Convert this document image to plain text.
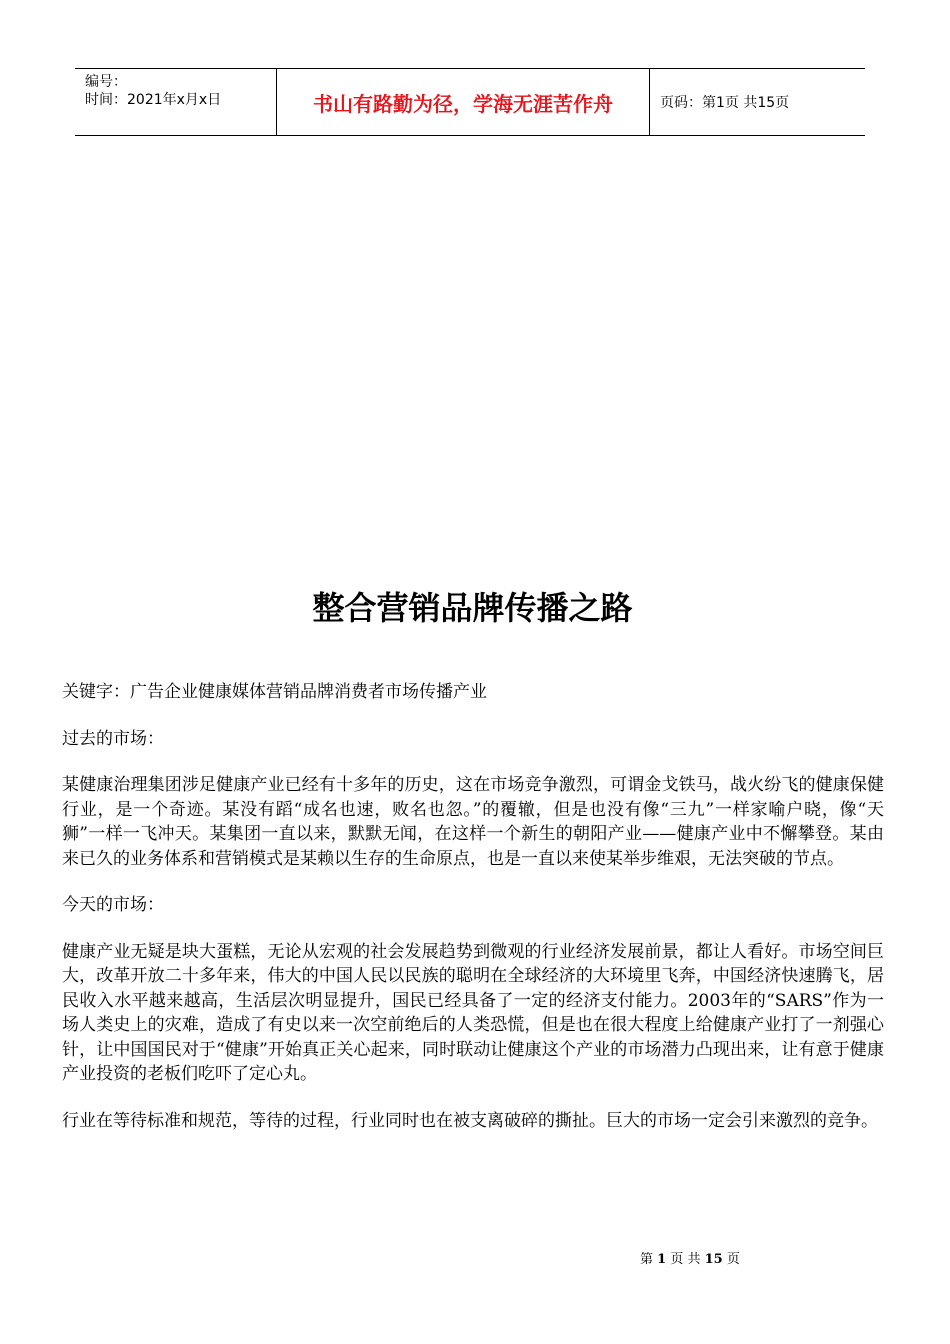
编号：
时间：2021年x月x日	书山有路勤为径，学海无涯苦作舟	页码：第1页 共15页
整合营销品牌传播之路

关键字：广告企业健康媒体营销品牌消费者市场传播产业

过去的市场：

某健康治理集团涉足健康产业已经有十多年的历史，这在市场竞争激烈，可谓金戈铁马，战火纷飞的健康保健行业，是一个奇迹。某没有蹈“成名也速，败名也忽。”的覆辙，但是也没有像“三九”一样家喻户晓，像“天狮”一样一飞冲天。某集团一直以来，默默无闻，在这样一个新生的朝阳产业——健康产业中不懈攀登。某由来已久的业务体系和营销模式是某赖以生存的生命原点，也是一直以来使某举步维艰，无法突破的节点。

今天的市场：

健康产业无疑是块大蛋糕，无论从宏观的社会发展趋势到微观的行业经济发展前景，都让人看好。市场空间巨大，改革开放二十多年来，伟大的中国人民以民族的聪明在全球经济的大环境里飞奔，中国经济快速腾飞，居民收入水平越来越高，生活层次明显提升，国民已经具备了一定的经济支付能力。2003年的“SARS”作为一场人类史上的灾难，造成了有史以来一次空前绝后的人类恐慌，但是也在很大程度上给健康产业打了一剂强心针，让中国国民对于“健康”开始真正关心起来，同时联动让健康这个产业的市场潜力凸现出来，让有意于健康产业投资的老板们吃吓了定心丸。

行业在等待标准和规范，等待的过程，行业同时也在被支离破碎的撕扯。巨大的市场一定会引来激烈的竞争。

第 1 页 共 15 页
